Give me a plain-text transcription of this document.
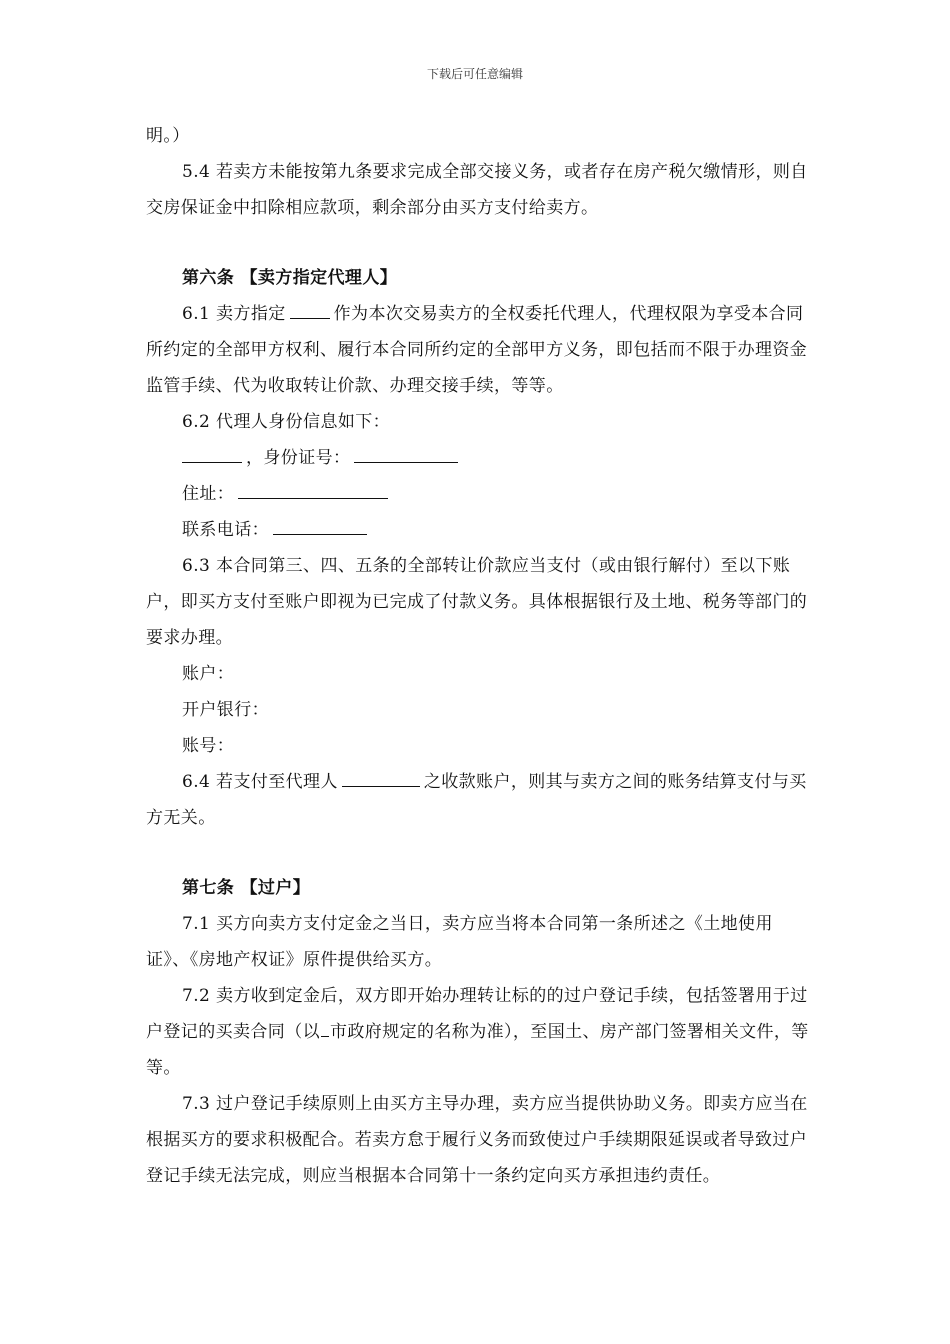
下载后可任意编辑

明。）

5.4 若卖方未能按第九条要求完成全部交接义务，或者存在房产税欠缴情形，则自交房保证金中扣除相应款项，剩余部分由买方支付给卖方。

第六条 【卖方指定代理人】

6.1 卖方指定	作为本次交易卖方的全权委托代理人，代理权限为享受本合同所约定的全部甲方权利、履行本合同所约定的全部甲方义务，即包括而不限于办理资金监管手续、代为收取转让价款、办理交接手续，等等。

6.2 代理人身份信息如下：

，身份证号：

住址：

联系电话：

6.3 本合同第三、四、五条的全部转让价款应当支付（或由银行解付）至以下账户，即买方支付至账户即视为已完成了付款义务。具体根据银行及土地、税务等部门的要求办理。

账户：

开户银行：

账号：

6.4 若支付至代理人	之收款账户，则其与卖方之间的账务结算支付与买方无关。

第七条 【过户】

7.1 买方向卖方支付定金之当日，卖方应当将本合同第一条所述之《土地使用证》、《房地产权证》原件提供给买方。

7.2 卖方收到定金后，双方即开始办理转让标的的过户登记手续，包括签署用于过户登记的买卖合同（以 市政府规定的名称为准），至国土、房产部门签署相关文件，等等。

7.3 过户登记手续原则上由买方主导办理，卖方应当提供协助义务。即卖方应当在根据买方的要求积极配合。若卖方怠于履行义务而致使过户手续期限延误或者导致过户登记手续无法完成，则应当根据本合同第十一条约定向买方承担违约责任。
